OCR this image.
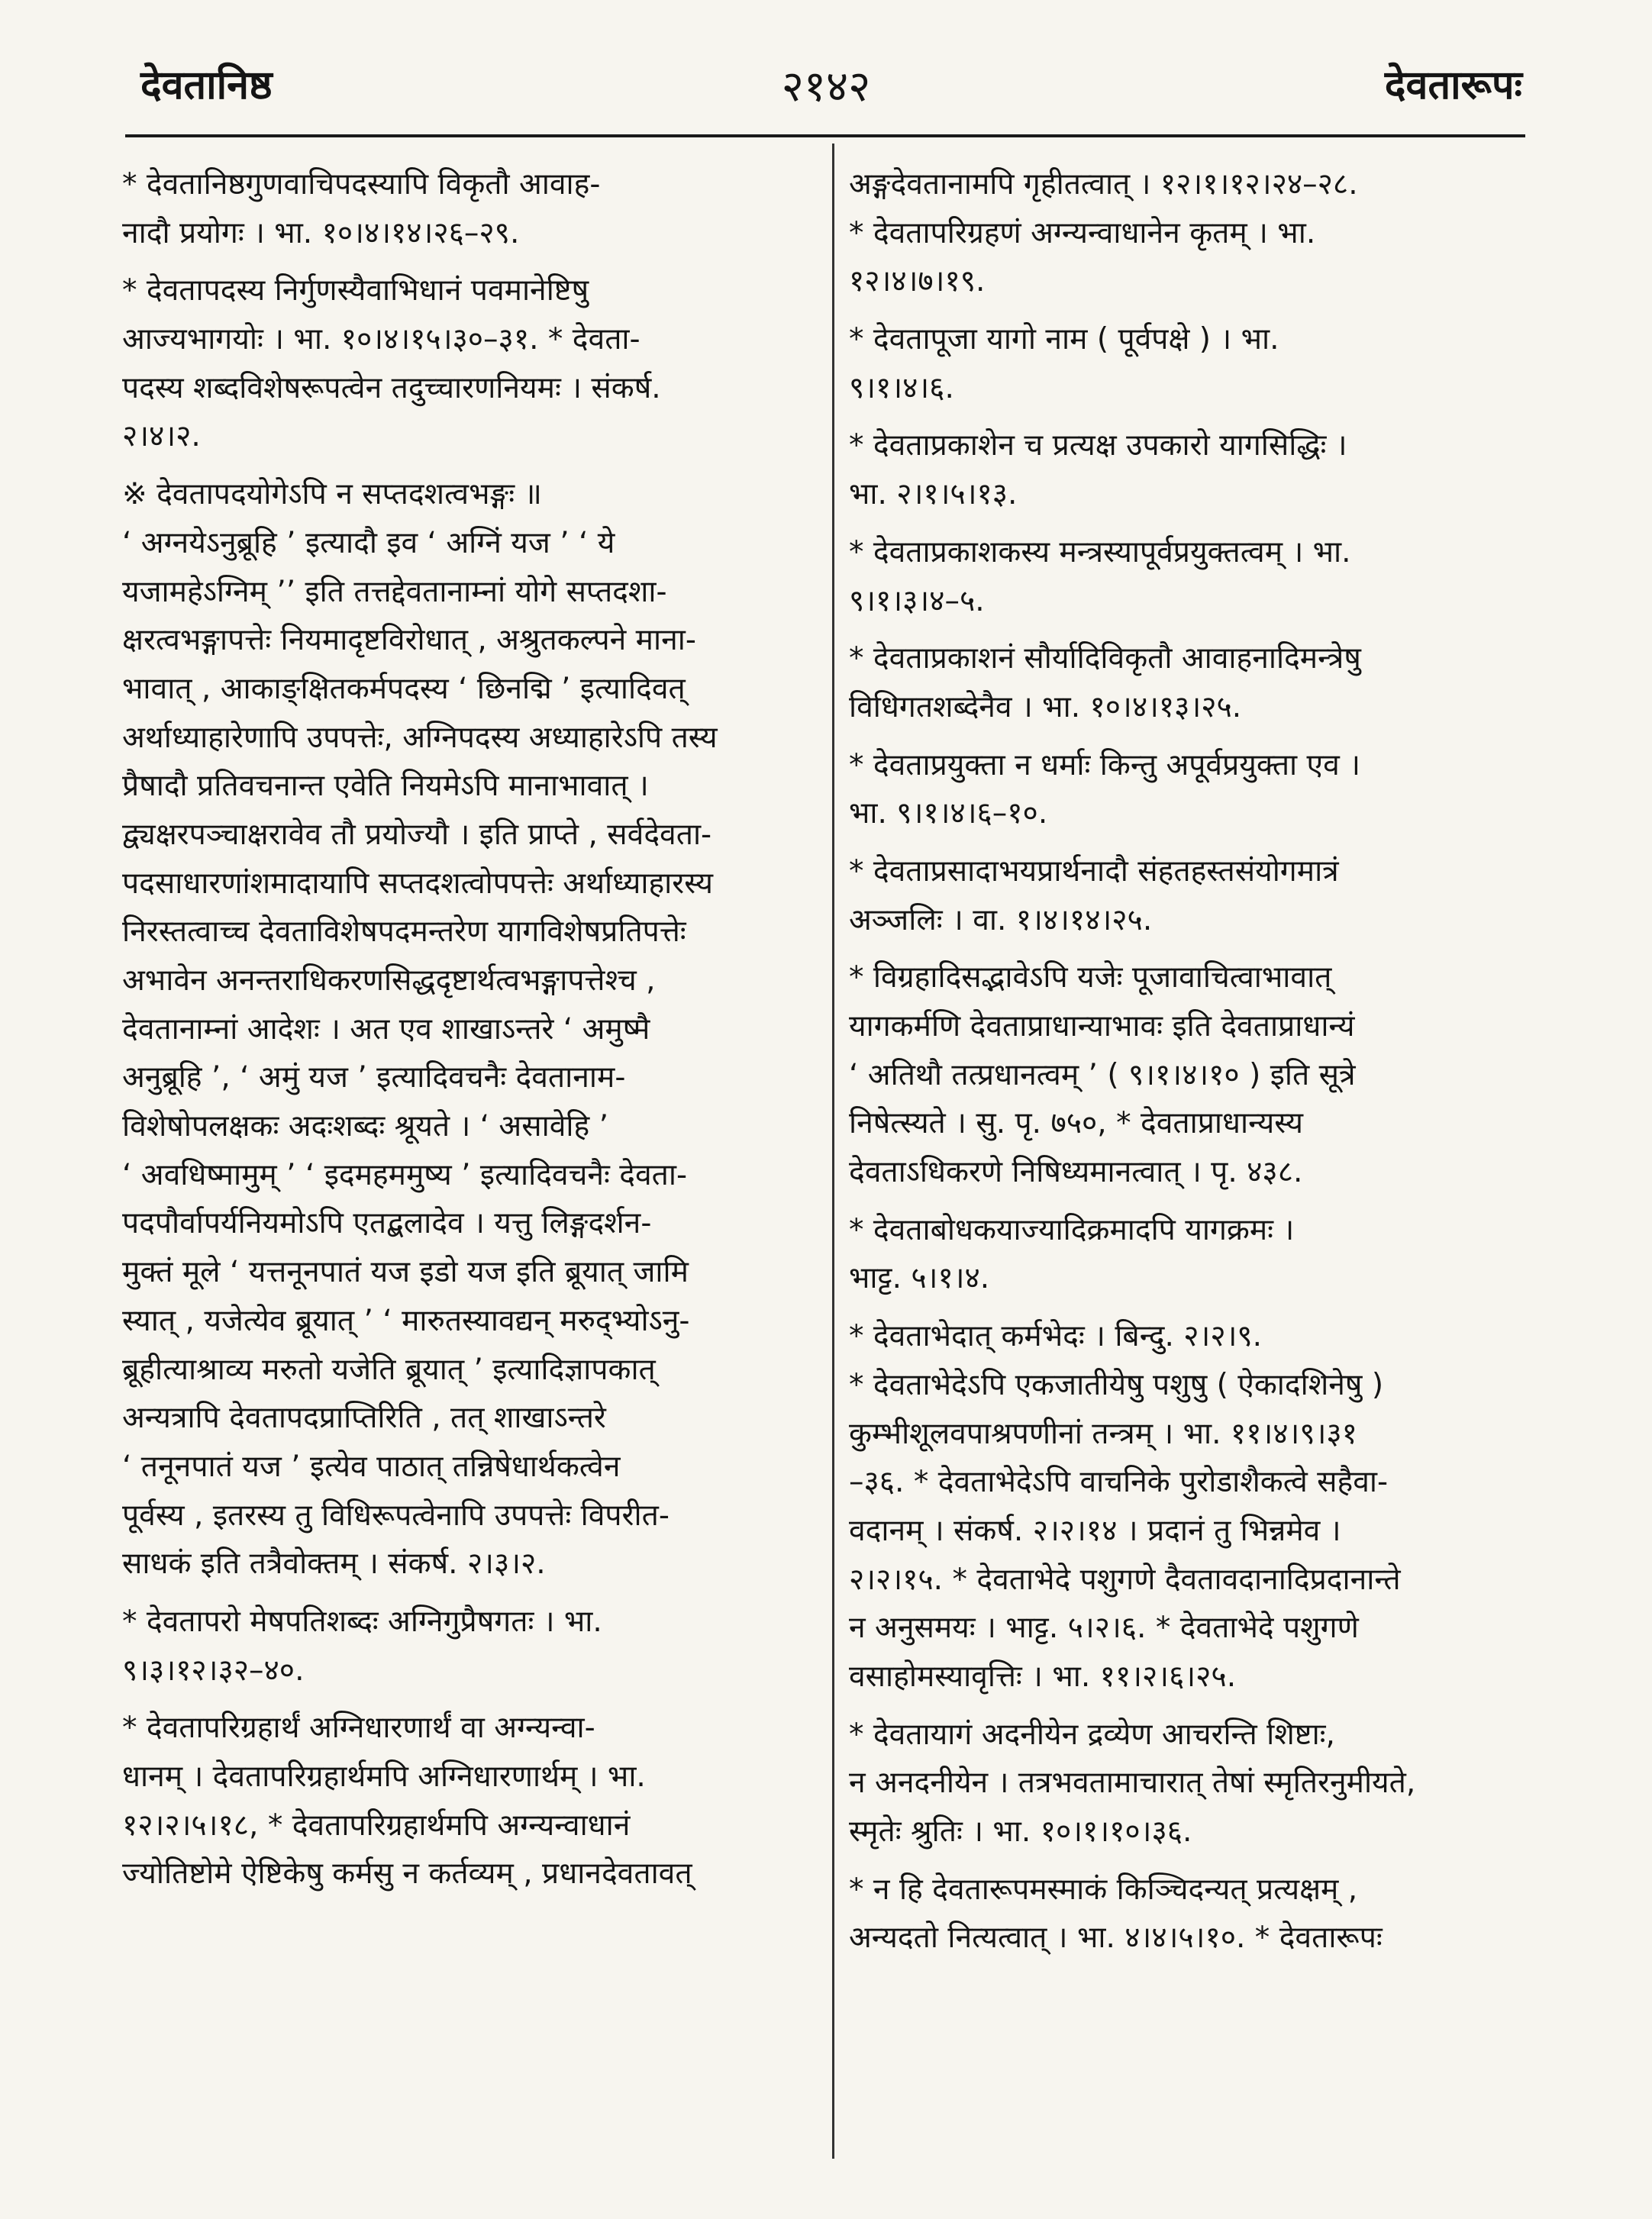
देवतानिष्ठ	२१४२	देवतारूपः
* देवतानिष्ठगुणवाचिपदस्यापि विकृतौ आवाह-
नादौ प्रयोगः । भा. १०।४।१४।२६–२९.
* देवतापदस्य निर्गुणस्यैवाभिधानं पवमानेष्टिषु
आज्यभागयोः । भा. १०।४।१५।३०–३१. * देवता-
पदस्य शब्दविशेषरूपत्वेन तदुच्चारणनियमः । संकर्ष.
२।४।२.
※ देवतापदयोगेऽपि न सप्तदशत्वभङ्गः ॥
‘ अग्नयेऽनुब्रूहि ’ इत्यादौ इव ‘ अग्निं यज ’ ‘ ये
यजामहेऽग्निम् ’’ इति तत्तद्देवतानाम्नां योगे सप्तदशा-
क्षरत्वभङ्गापत्तेः नियमादृष्टविरोधात् , अश्रुतकल्पने माना-
भावात् , आकाङ्क्षितकर्मपदस्य ‘ छिनद्मि ’ इत्यादिवत्
अर्थाध्याहारेणापि उपपत्तेः, अग्निपदस्य अध्याहारेऽपि तस्य
प्रैषादौ प्रतिवचनान्त एवेति नियमेऽपि मानाभावात् ।
द्व्यक्षरपञ्चाक्षरावेव तौ प्रयोज्यौ । इति प्राप्ते , सर्वदेवता-
पदसाधारणांशमादायापि सप्तदशत्वोपपत्तेः अर्थाध्याहारस्य
निरस्तत्वाच्च देवताविशेषपदमन्तरेण यागविशेषप्रतिपत्तेः
अभावेन अनन्तराधिकरणसिद्धदृष्टार्थत्वभङ्गापत्तेश्च ,
देवतानाम्नां आदेशः । अत एव शाखाऽन्तरे ‘ अमुष्मै
अनुब्रूहि ’, ‘ अमुं यज ’ इत्यादिवचनैः देवतानाम-
विशेषोपलक्षकः अदःशब्दः श्रूयते । ‘ असावेहि ’
‘ अवधिष्मामुम् ’ ‘ इदमहममुष्य ’ इत्यादिवचनैः देवता-
पदपौर्वापर्यनियमोऽपि एतद्बलादेव । यत्तु लिङ्गदर्शन-
मुक्तं मूले ‘ यत्तनूनपातं यज इडो यज इति ब्रूयात् जामि
स्यात् , यजेत्येव ब्रूयात् ’ ‘ मारुतस्यावद्यन् मरुद्भ्योऽनु-
ब्रूहीत्याश्राव्य मरुतो यजेति ब्रूयात् ’ इत्यादिज्ञापकात्
अन्यत्रापि देवतापदप्राप्तिरिति , तत् शाखाऽन्तरे
‘ तनूनपातं यज ’ इत्येव पाठात् तन्निषेधार्थकत्वेन
पूर्वस्य , इतरस्य तु विधिरूपत्वेनापि उपपत्तेः विपरीत-
साधकं इति तत्रैवोक्तम् । संकर्ष. २।३।२.
* देवतापरो मेषपतिशब्दः अग्निगुप्रैषगतः । भा.
९।३।१२।३२–४०.
* देवतापरिग्रहार्थं अग्निधारणार्थं वा अग्न्यन्वा-
धानम् । देवतापरिग्रहार्थमपि अग्निधारणार्थम् । भा.
१२।२।५।१८, * देवतापरिग्रहार्थमपि अग्न्यन्वाधानं
ज्योतिष्टोमे ऐष्टिकेषु कर्मसु न कर्तव्यम् , प्रधानदेवतावत्
अङ्गदेवतानामपि गृहीतत्वात् । १२।१।१२।२४–२८.
* देवतापरिग्रहणं अग्न्यन्वाधानेन कृतम् । भा.
१२।४।७।१९.
* देवतापूजा यागो नाम ( पूर्वपक्षे ) । भा.
९।१।४।६.
* देवताप्रकाशेन च प्रत्यक्ष उपकारो यागसिद्धिः ।
भा. २।१।५।१३.
* देवताप्रकाशकस्य मन्त्रस्यापूर्वप्रयुक्तत्वम् । भा.
९।१।३।४–५.
* देवताप्रकाशनं सौर्यादिविकृतौ आवाहनादिमन्त्रेषु
विधिगतशब्देनैव । भा. १०।४।१३।२५.
* देवताप्रयुक्ता न धर्माः किन्तु अपूर्वप्रयुक्ता एव ।
भा. ९।१।४।६–१०.
* देवताप्रसादाभयप्रार्थनादौ संहतहस्तसंयोगमात्रं
अञ्जलिः । वा. १।४।१४।२५.
* विग्रहादिसद्भावेऽपि यजेः पूजावाचित्वाभावात्
यागकर्मणि देवताप्राधान्याभावः इति देवताप्राधान्यं
‘ अतिथौ तत्प्रधानत्वम् ’ ( ९।१।४।१० ) इति सूत्रे
निषेत्स्यते । सु. पृ. ७५०, * देवताप्राधान्यस्य
देवताऽधिकरणे निषिध्यमानत्वात् । पृ. ४३८.
* देवताबोधकयाज्यादिक्रमादपि यागक्रमः ।
भाट्ट. ५।१।४.
* देवताभेदात् कर्मभेदः । बिन्दु. २।२।९.
* देवताभेदेऽपि एकजातीयेषु पशुषु ( ऐकादशिनेषु )
कुम्भीशूलवपाश्रपणीनां तन्त्रम् । भा. ११।४।९।३१
–३६. * देवताभेदेऽपि वाचनिके पुरोडाशैकत्वे सहैवा-
वदानम् । संकर्ष. २।२।१४ । प्रदानं तु भिन्नमेव ।
२।२।१५. * देवताभेदे पशुगणे दैवतावदानादिप्रदानान्ते
न अनुसमयः । भाट्ट. ५।२।६. * देवताभेदे पशुगणे
वसाहोमस्यावृत्तिः । भा. ११।२।६।२५.
* देवतायागं अदनीयेन द्रव्येण आचरन्ति शिष्टाः,
न अनदनीयेन । तत्रभवतामाचारात् तेषां स्मृतिरनुमीयते,
स्मृतेः श्रुतिः । भा. १०।१।१०।३६.
* न हि देवतारूपमस्माकं किञ्चिदन्यत् प्रत्यक्षम् ,
अन्यदतो नित्यत्वात् । भा. ४।४।५।१०. * देवतारूपः
